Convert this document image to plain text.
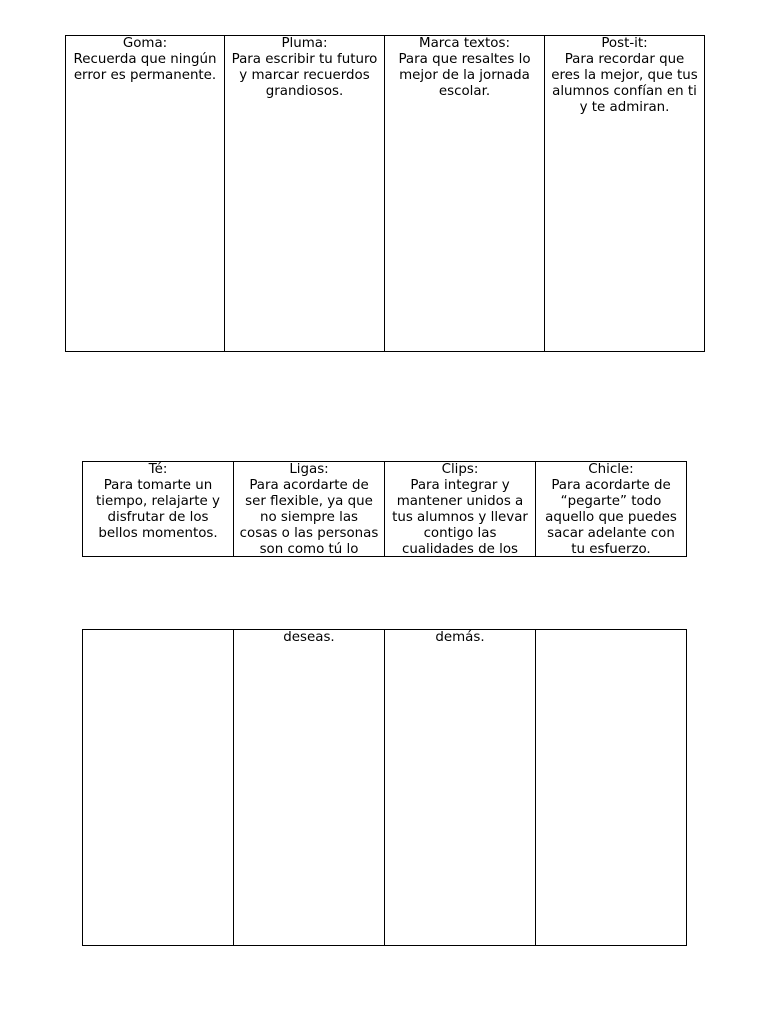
Goma:
Recuerda que ningún
error es permanente.
Pluma:
Para escribir tu futuro
y marcar recuerdos
grandiosos.
Marca textos:
Para que resaltes lo
mejor de la jornada
escolar.
Post-it:
Para recordar que
eres la mejor, que tus
alumnos confían en ti
y te admiran.
Té:
Para tomarte un
tiempo, relajarte y
disfrutar de los
bellos momentos.
Ligas:
Para acordarte de
ser flexible, ya que
no siempre las
cosas o las personas
son como tú lo
Clips:
Para integrar y
mantener unidos a
tus alumnos y llevar
contigo las
cualidades de los
Chicle:
Para acordarte de
“pegarte” todo
aquello que puedes
sacar adelante con
tu esfuerzo.
deseas.	demás.
